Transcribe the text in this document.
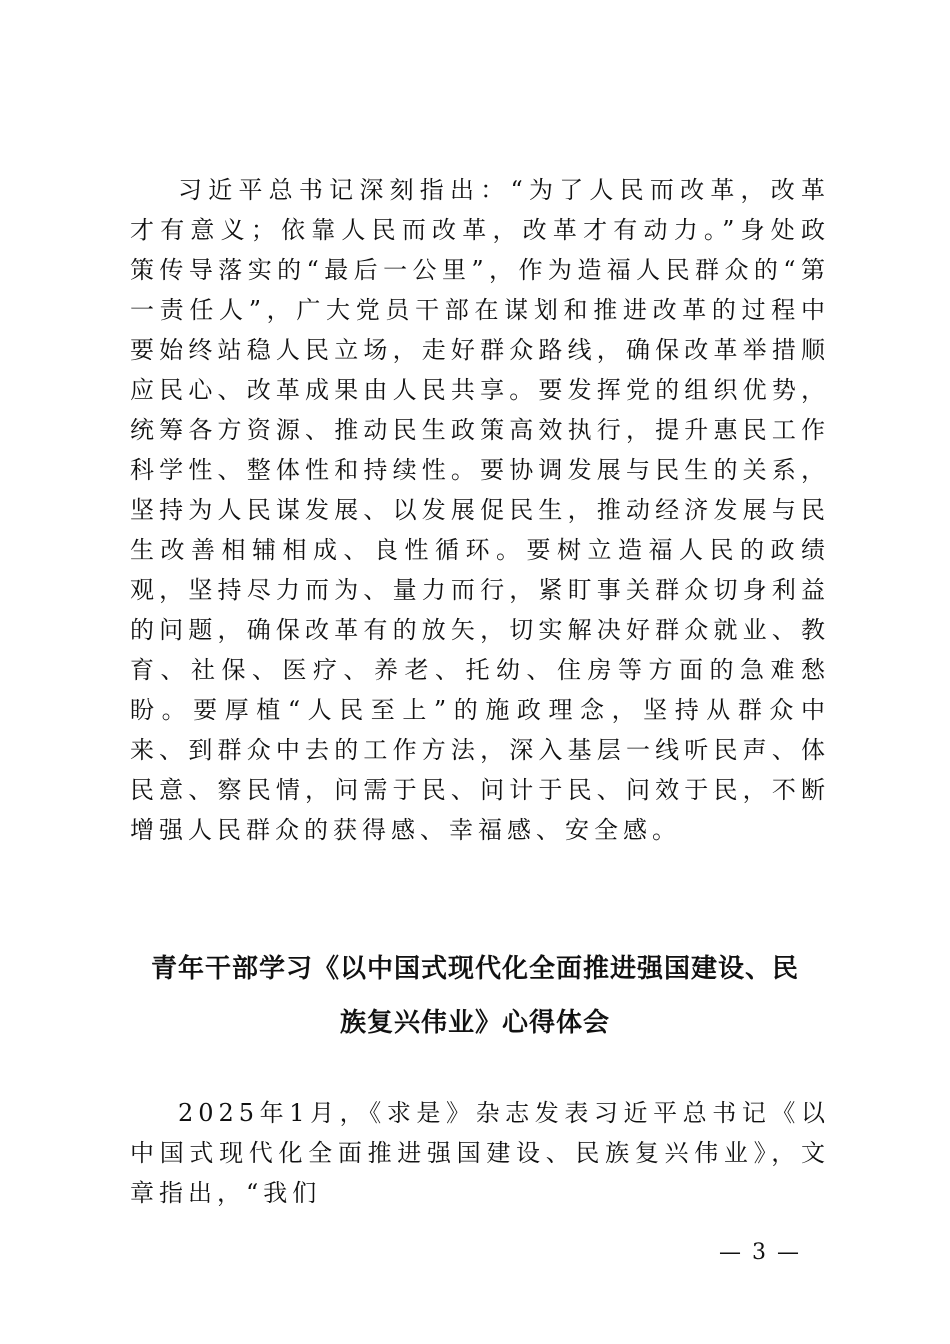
习近平总书记深刻指出：“为了人民而改革，改革才有意义；依靠人民而改革，改革才有动力。”身处政策传导落实的“最后一公里”，作为造福人民群众的“第一责任人”，广大党员干部在谋划和推进改革的过程中要始终站稳人民立场，走好群众路线，确保改革举措顺应民心、改革成果由人民共享。要发挥党的组织优势，统筹各方资源、推动民生政策高效执行，提升惠民工作科学性、整体性和持续性。要协调发展与民生的关系，坚持为人民谋发展、以发展促民生，推动经济发展与民生改善相辅相成、良性循环。要树立造福人民的政绩观，坚持尽力而为、量力而行，紧盯事关群众切身利益的问题，确保改革有的放矢，切实解决好群众就业、教育、社保、医疗、养老、托幼、住房等方面的急难愁盼。要厚植“人民至上”的施政理念，坚持从群众中来、到群众中去的工作方法，深入基层一线听民声、体民意、察民情，问需于民、问计于民、问效于民，不断增强人民群众的获得感、幸福感、安全感。

青年干部学习《以中国式现代化全面推进强国建设、民
族复兴伟业》心得体会

2025年1月，《求是》杂志发表习近平总书记《以中国式现代化全面推进强国建设、民族复兴伟业》，文章指出，“我们

— 3 —
